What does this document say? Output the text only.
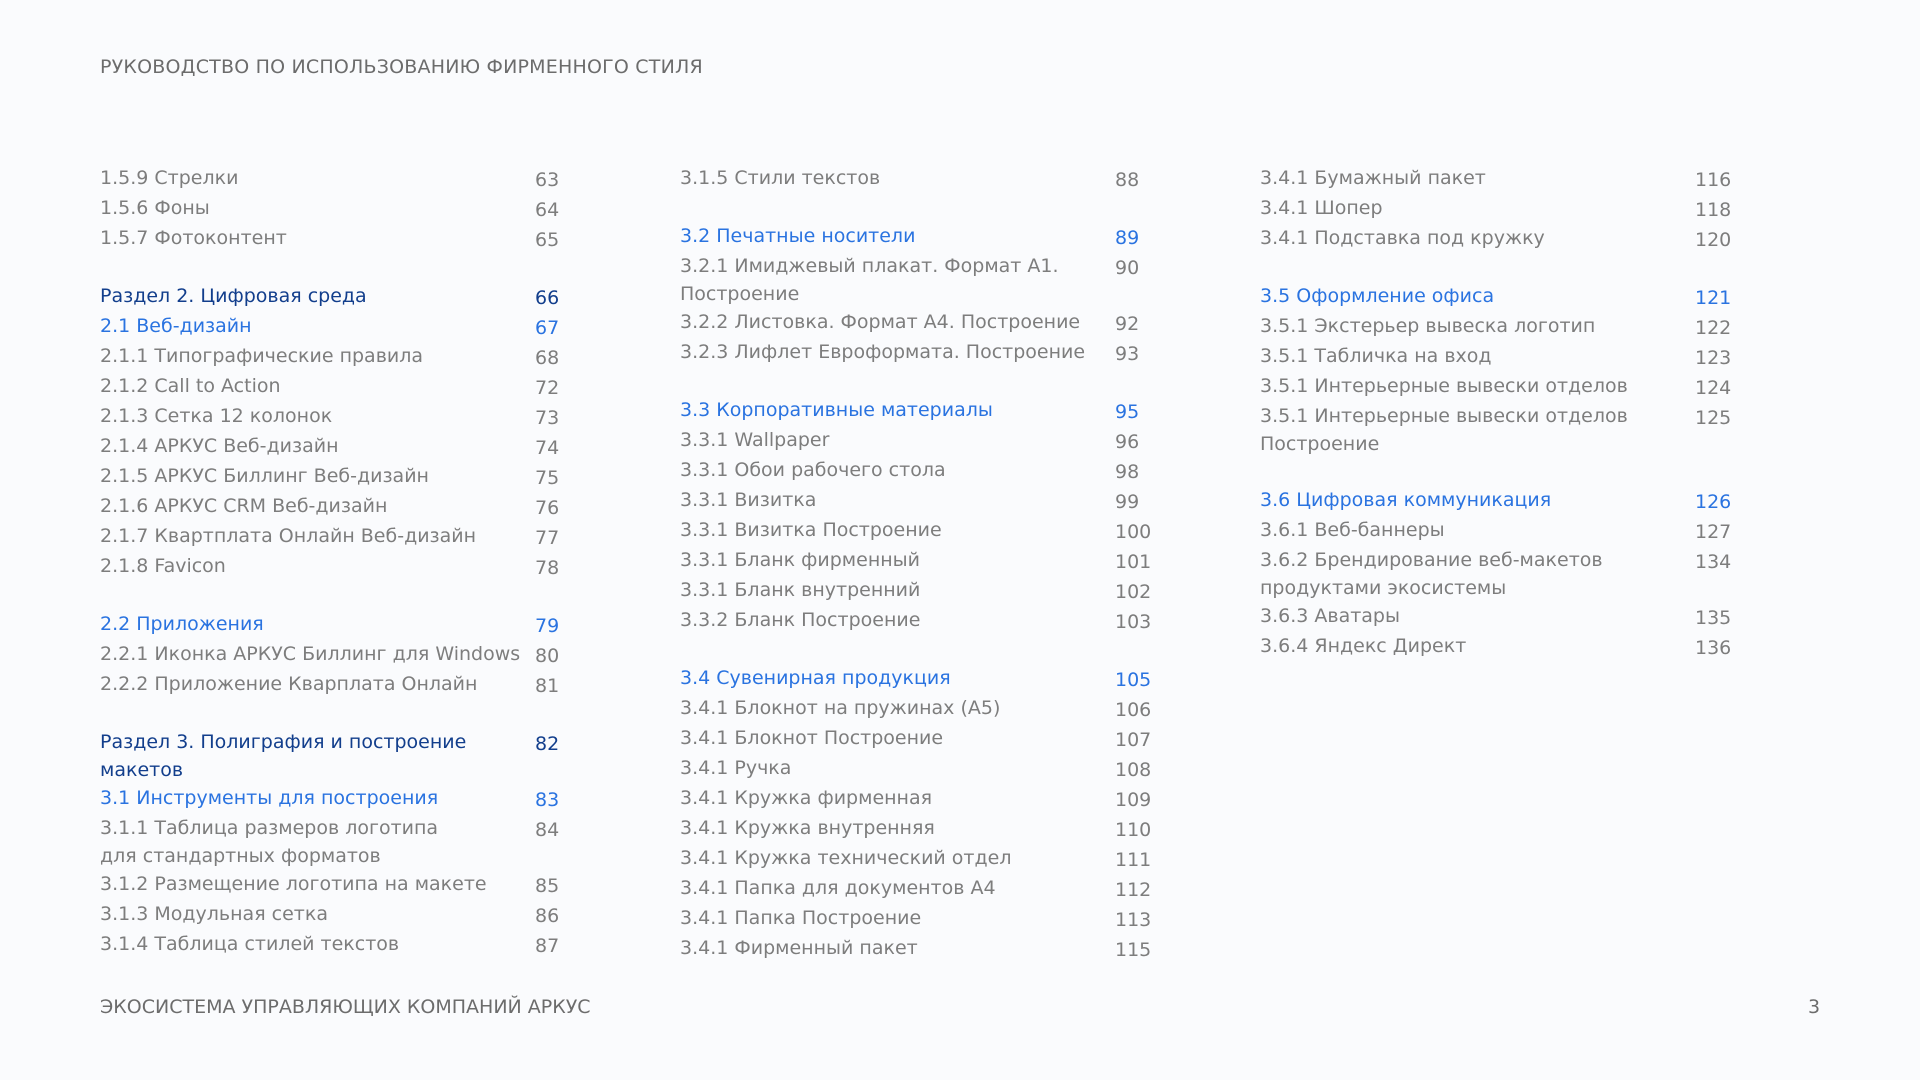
РУКОВОДСТВО ПО ИСПОЛЬЗОВАНИЮ ФИРМЕННОГО СТИЛЯ
1.5.9 Стрелки	63
1.5.6 Фоны	64
1.5.7 Фотоконтент	65
Раздел 2. Цифровая среда	66
2.1 Веб-дизайн	67
2.1.1 Типографические правила	68
2.1.2 Call to Action	72
2.1.3 Сетка 12 колонок	73
2.1.4 АРКУС Веб-дизайн	74
2.1.5 АРКУС Биллинг Веб-дизайн	75
2.1.6 АРКУС CRM Веб-дизайн	76
2.1.7 Квартплата Онлайн Веб-дизайн	77
2.1.8 Favicon	78
2.2 Приложения	79
2.2.1 Иконка АРКУС Биллинг для Windows 80
2.2.2 Приложение Кварплата Онлайн	81
Раздел 3. Полиграфия и построение
макетов
82
3.1 Инструменты для построения	83
3.1.1 Таблица размеров логотипа
для стандартных форматов
84
3.1.2 Размещение логотипа на макете	85
3.1.3 Модульная сетка	86
3.1.4 Таблица стилей текстов	87
3.1.5 Стили текстов	88
3.2 Печатные носители	89
3.2.1 Имиджевый плакат. Формат А1.
Построение
90
3.2.2 Листовка. Формат А4. Построение	92
3.2.3 Лифлет Евроформата. Построение	93
3.3 Корпоративные материалы	95
3.3.1 Wallpaper	96
3.3.1 Обои рабочего стола	98
3.3.1 Визитка	99
3.3.1 Визитка Построение	100
3.3.1 Бланк фирменный	101
3.3.1 Бланк внутренний	102
3.3.2 Бланк Построение	103
3.4 Сувенирная продукция	105
3.4.1 Блокнот на пружинах (А5)	106
3.4.1 Блокнот Построение	107
3.4.1 Ручка	108
3.4.1 Кружка фирменная	109
3.4.1 Кружка внутренняя	110
3.4.1 Кружка технический отдел	111
3.4.1 Папка для документов А4	112
3.4.1 Папка Построение	113
3.4.1 Фирменный пакет	115
3.4.1 Бумажный пакет	116
3.4.1 Шопер	118
3.4.1 Подставка под кружку	120
3.5 Оформление офиса	121
3.5.1 Экстерьер вывеска логотип	122
3.5.1 Табличка на вход	123
3.5.1 Интерьерные вывески отделов	124
3.5.1 Интерьерные вывески отделов
Построение
125
3.6 Цифровая коммуникация	126
3.6.1 Веб-баннеры	127
3.6.2 Брендирование веб-макетов
продуктами экосистемы
134
3.6.3 Аватары	135
3.6.4 Яндекс Директ	136
ЭКОСИСТЕМА УПРАВЛЯЮЩИХ КОМПАНИЙ АРКУС	3
